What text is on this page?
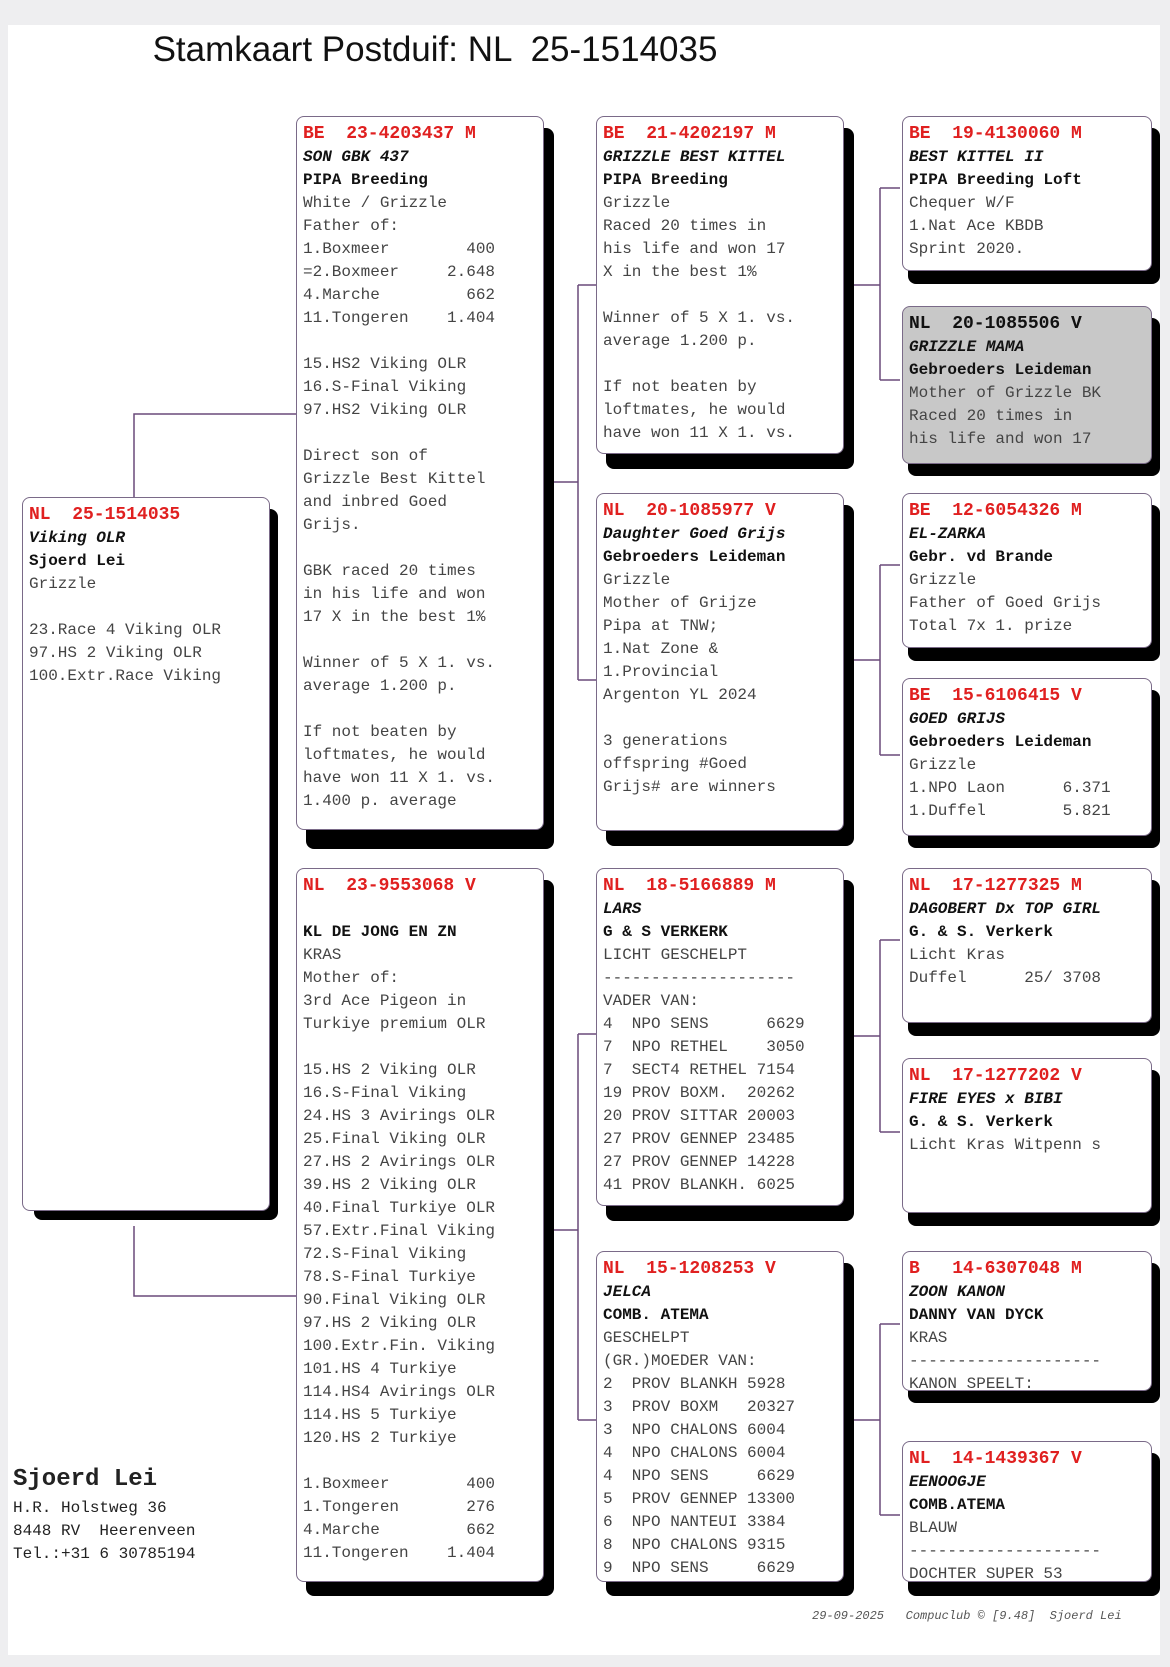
Stamkaart Postduif: NL  25-1514035
NL  25-1514035
Viking OLR
Sjoerd Lei
Grizzle
23.Race 4 Viking OLR
97.HS 2 Viking OLR
100.Extr.Race Viking
BE  23-4203437 M
SON GBK 437
PIPA Breeding
White / Grizzle
Father of:
1.Boxmeer        400
=2.Boxmeer     2.648
4.Marche         662
11.Tongeren    1.404
15.HS2 Viking OLR
16.S-Final Viking
97.HS2 Viking OLR
Direct son of
Grizzle Best Kittel
and inbred Goed
Grijs.
GBK raced 20 times
in his life and won
17 X in the best 1%
Winner of 5 X 1. vs.
average 1.200 p.
If not beaten by
loftmates, he would
have won 11 X 1. vs.
1.400 p. average
NL  23-9553068 V
KL DE JONG EN ZN
KRAS
Mother of:
3rd Ace Pigeon in
Turkiye premium OLR
15.HS 2 Viking OLR
16.S-Final Viking
24.HS 3 Avirings OLR
25.Final Viking OLR
27.HS 2 Avirings OLR
39.HS 2 Viking OLR
40.Final Turkiye OLR
57.Extr.Final Viking
72.S-Final Viking
78.S-Final Turkiye
90.Final Viking OLR
97.HS 2 Viking OLR
100.Extr.Fin. Viking
101.HS 4 Turkiye
114.HS4 Avirings OLR
114.HS 5 Turkiye
120.HS 2 Turkiye
1.Boxmeer        400
1.Tongeren       276
4.Marche         662
11.Tongeren    1.404
BE  21-4202197 M
GRIZZLE BEST KITTEL
PIPA Breeding
Grizzle
Raced 20 times in
his life and won 17
X in the best 1%
Winner of 5 X 1. vs.
average 1.200 p.
If not beaten by
loftmates, he would
have won 11 X 1. vs.
NL  20-1085977 V
Daughter Goed Grijs
Gebroeders Leideman
Grizzle
Mother of Grijze
Pipa at TNW;
1.Nat Zone &
1.Provincial
Argenton YL 2024
3 generations
offspring #Goed
Grijs# are winners
NL  18-5166889 M
LARS
G & S VERKERK
LICHT GESCHELPT
--------------------
VADER VAN:
4  NPO SENS      6629
7  NPO RETHEL    3050
7  SECT4 RETHEL 7154
19 PROV BOXM.  20262
20 PROV SITTAR 20003
27 PROV GENNEP 23485
27 PROV GENNEP 14228
41 PROV BLANKH. 6025
NL  15-1208253 V
JELCA
COMB. ATEMA
GESCHELPT
(GR.)MOEDER VAN:
2  PROV BLANKH 5928
3  PROV BOXM   20327
3  NPO CHALONS 6004
4  NPO CHALONS 6004
4  NPO SENS     6629
5  PROV GENNEP 13300
6  NPO NANTEUI 3384
8  NPO CHALONS 9315
9  NPO SENS     6629
BE  19-4130060 M
BEST KITTEL II
PIPA Breeding Loft
Chequer W/F
1.Nat Ace KBDB
Sprint 2020.
NL  20-1085506 V
GRIZZLE MAMA
Gebroeders Leideman
Mother of Grizzle BK
Raced 20 times in
his life and won 17
BE  12-6054326 M
EL-ZARKA
Gebr. vd Brande
Grizzle
Father of Goed Grijs
Total 7x 1. prize
BE  15-6106415 V
GOED GRIJS
Gebroeders Leideman
Grizzle
1.NPO Laon      6.371
1.Duffel        5.821
NL  17-1277325 M
DAGOBERT Dx TOP GIRL
G. & S. Verkerk
Licht Kras
Duffel      25/ 3708
NL  17-1277202 V
FIRE EYES x BIBI
G. & S. Verkerk
Licht Kras Witpenn s
B   14-6307048 M
ZOON KANON
DANNY VAN DYCK
KRAS
--------------------
KANON SPEELT:
NL  14-1439367 V
EENOOGJE
COMB.ATEMA
BLAUW
--------------------
DOCHTER SUPER 53
Sjoerd Lei
H.R. Holstweg 36
8448 RV  Heerenveen
Tel.:+31 6 30785194
29-09-2025   Compuclub © [9.48]  Sjoerd Lei
